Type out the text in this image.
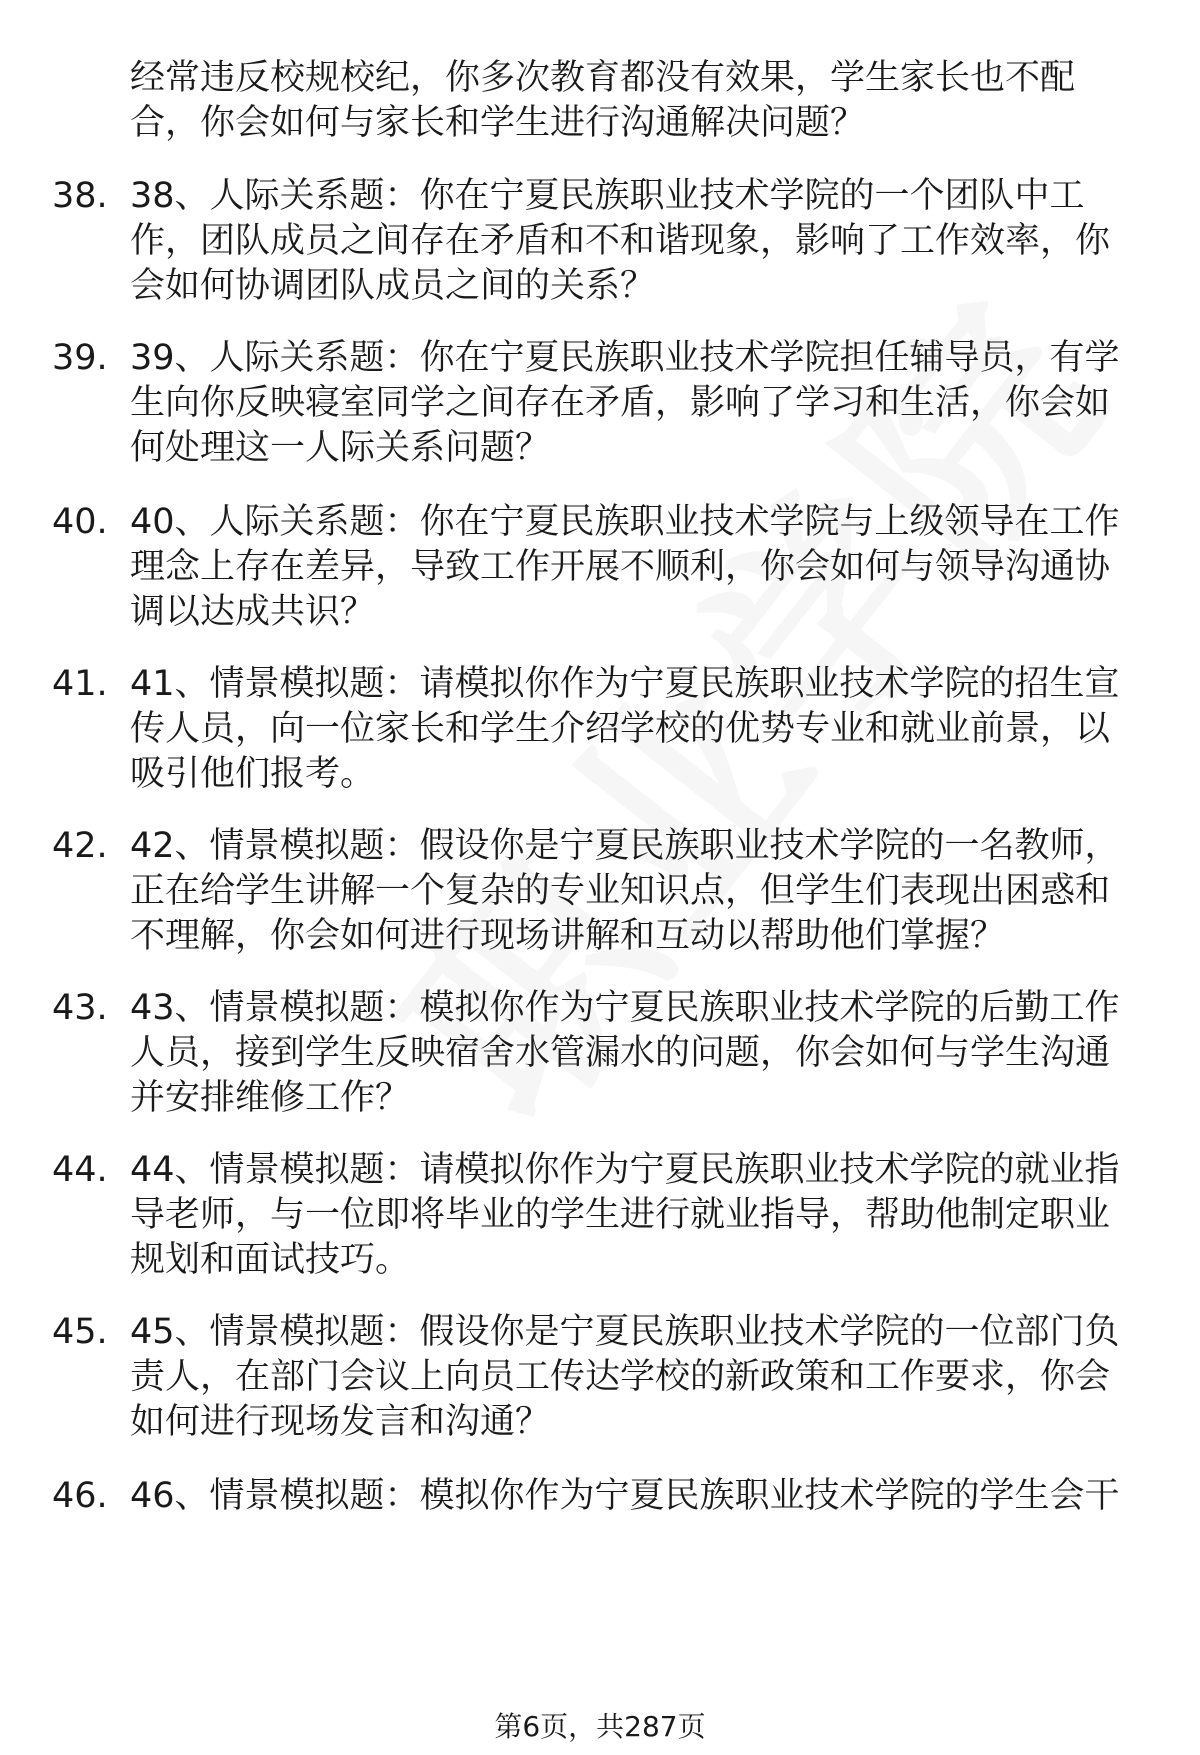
经常违反校规校纪，你多次教育都没有效果，学生家长也不配
合，你会如何与家长和学生进行沟通解决问题？
38. 38、人际关系题：你在宁夏民族职业技术学院的一个团队中工
作，团队成员之间存在矛盾和不和谐现象，影响了工作效率，你
会如何协调团队成员之间的关系？
39. 39、人际关系题：你在宁夏民族职业技术学院担任辅导员，有学
生向你反映寝室同学之间存在矛盾，影响了学习和生活，你会如
何处理这一人际关系问题？
40. 40、人际关系题：你在宁夏民族职业技术学院与上级领导在工作
理念上存在差异，导致工作开展不顺利，你会如何与领导沟通协
调以达成共识？
41. 41、情景模拟题：请模拟你作为宁夏民族职业技术学院的招生宣
传人员，向一位家长和学生介绍学校的优势专业和就业前景，以
吸引他们报考。
42. 42、情景模拟题：假设你是宁夏民族职业技术学院的一名教师，
正在给学生讲解一个复杂的专业知识点，但学生们表现出困惑和
不理解，你会如何进行现场讲解和互动以帮助他们掌握？
43. 43、情景模拟题：模拟你作为宁夏民族职业技术学院的后勤工作
人员，接到学生反映宿舍水管漏水的问题，你会如何与学生沟通
并安排维修工作？
44. 44、情景模拟题：请模拟你作为宁夏民族职业技术学院的就业指
导老师，与一位即将毕业的学生进行就业指导，帮助他制定职业
规划和面试技巧。
45. 45、情景模拟题：假设你是宁夏民族职业技术学院的一位部门负
责人，在部门会议上向员工传达学校的新政策和工作要求，你会
如何进行现场发言和沟通？
46. 46、情景模拟题：模拟你作为宁夏民族职业技术学院的学生会干
第6页，共287页
